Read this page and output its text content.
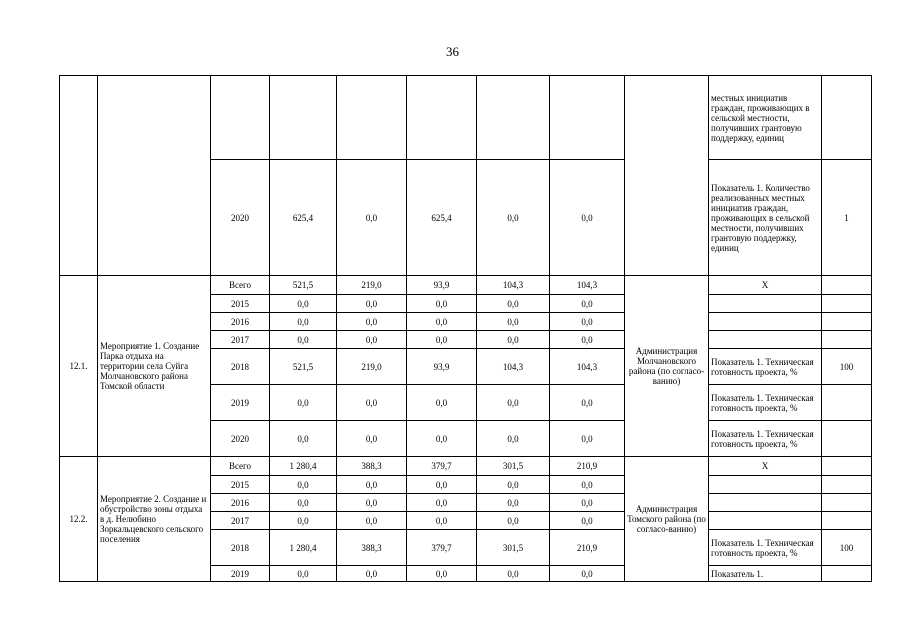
36
									местных инициатив граждан, проживающих в сельской местности, получивших грантовую поддержку, единиц	
		2020	625,4	0,0	625,4	0,0	0,0		Показатель 1. Количество реализованных местных инициатив граждан, проживающих в сельской местности, получивших грантовую поддержку, единиц	1
12.1.	Мероприятие 1. Создание Парка отдыха на территории села Суйга Молчановского района Томской области	Всего	521,5	219,0	93,9	104,3	104,3	Администрация Молчановского района (по согласо-ванию)	Х	
		2015	0,0	0,0	0,0	0,0	0,0			
		2016	0,0	0,0	0,0	0,0	0,0			
		2017	0,0	0,0	0,0	0,0	0,0			
		2018	521,5	219,0	93,9	104,3	104,3		Показатель 1. Техническая готовность проекта, %	100
		2019	0,0	0,0	0,0	0,0	0,0		Показатель 1. Техническая готовность проекта, %	
		2020	0,0	0,0	0,0	0,0	0,0		Показатель 1. Техническая готовность проекта, %	
12.2.	Мероприятие 2. Создание и обустройство зоны отдыха в д. Нелюбино Зоркальцевского сельского поселения	Всего	1 280,4	388,3	379,7	301,5	210,9	Администрация Томского района (по согласо-ванию)	Х	
		2015	0,0	0,0	0,0	0,0	0,0			
		2016	0,0	0,0	0,0	0,0	0,0			
		2017	0,0	0,0	0,0	0,0	0,0			
		2018	1 280,4	388,3	379,7	301,5	210,9		Показатель 1. Техническая готовность проекта, %	100
		2019	0,0	0,0	0,0	0,0	0,0		Показатель 1.	
